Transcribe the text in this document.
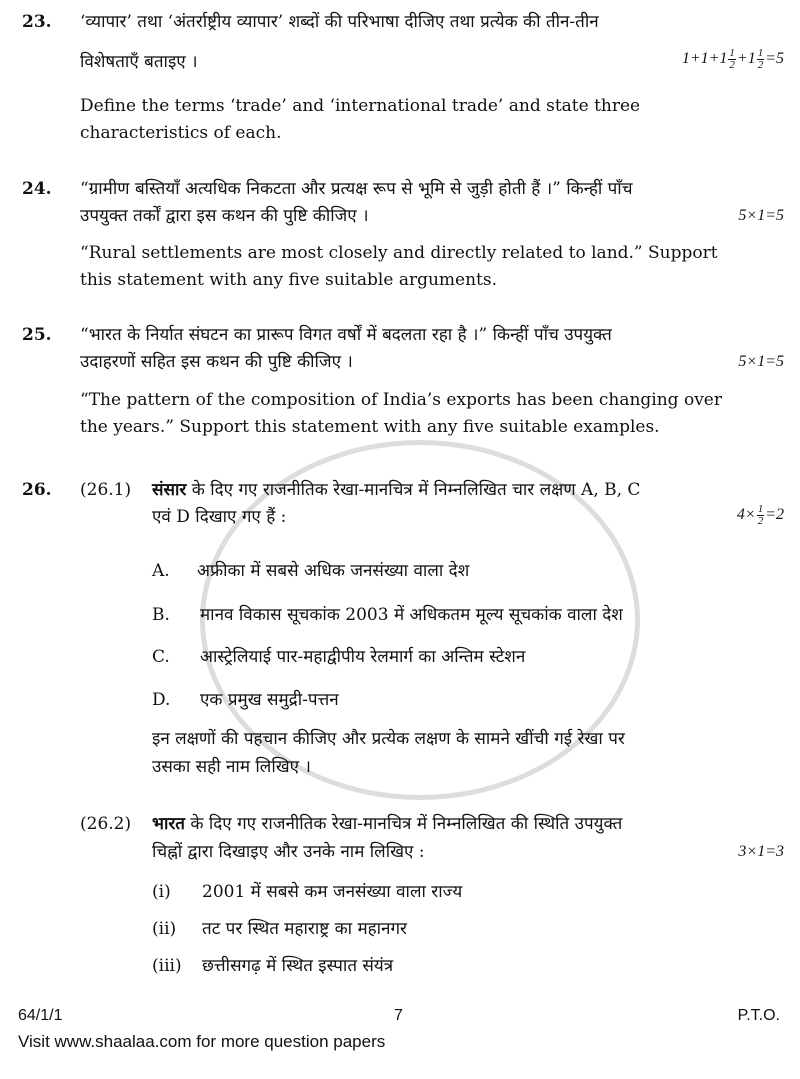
23. ‘व्यापार’ तथा ‘अंतर्राष्ट्रीय व्यापार’ शब्दों की परिभाषा दीजिए तथा प्रत्येक की तीन-तीन
विशेषताएँ बताइए ।	$1+1+1 \frac{1}{2} +1 \frac{1}{2} =5$
Define the terms ‘trade’ and ‘international trade’ and state three
characteristics of each.
24. “ग्रामीण बस्तियाँ अत्यधिक निकटता और प्रत्यक्ष रूप से भूमि से जुड़ी होती हैं ।” किन्हीं पाँच
उपयुक्त तर्कों द्वारा इस कथन की पुष्टि कीजिए ।	5×1=5
“Rural settlements are most closely and directly related to land.” Support
this statement with any five suitable arguments.
25. “भारत के निर्यात संघटन का प्रारूप विगत वर्षों में बदलता रहा है ।” किन्हीं पाँच उपयुक्त
उदाहरणों सहित इस कथन की पुष्टि कीजिए ।	5×1=5
“The pattern of the composition of India’s exports has been changing over
the years.” Support this statement with any five suitable examples.
26. (26.1) संसार के दिए गए राजनीतिक रेखा-मानचित्र में निम्नलिखित चार लक्षण A, B, C
एवं D दिखाए गए हैं :	$4\times \frac{1}{2} =2$
A. अफ्रीका में सबसे अधिक जनसंख्या वाला देश
B. मानव विकास सूचकांक 2003 में अधिकतम मूल्य सूचकांक वाला देश
C. आस्ट्रेलियाई पार-महाद्वीपीय रेलमार्ग का अन्तिम स्टेशन
D. एक प्रमुख समुद्री-पत्तन
इन लक्षणों की पहचान कीजिए और प्रत्येक लक्षण के सामने खींची गई रेखा पर
उसका सही नाम लिखिए ।
(26.2) भारत के दिए गए राजनीतिक रेखा-मानचित्र में निम्नलिखित की स्थिति उपयुक्त
चिह्नों द्वारा दिखाइए और उनके नाम लिखिए :	3×1=3
(i) 2001 में सबसे कम जनसंख्या वाला राज्य
(ii) तट पर स्थित महाराष्ट्र का महानगर
(iii) छत्तीसगढ़ में स्थित इस्पात संयंत्र
64/1/1	7	P.T.O.
Visit www.shaalaa.com for more question papers
